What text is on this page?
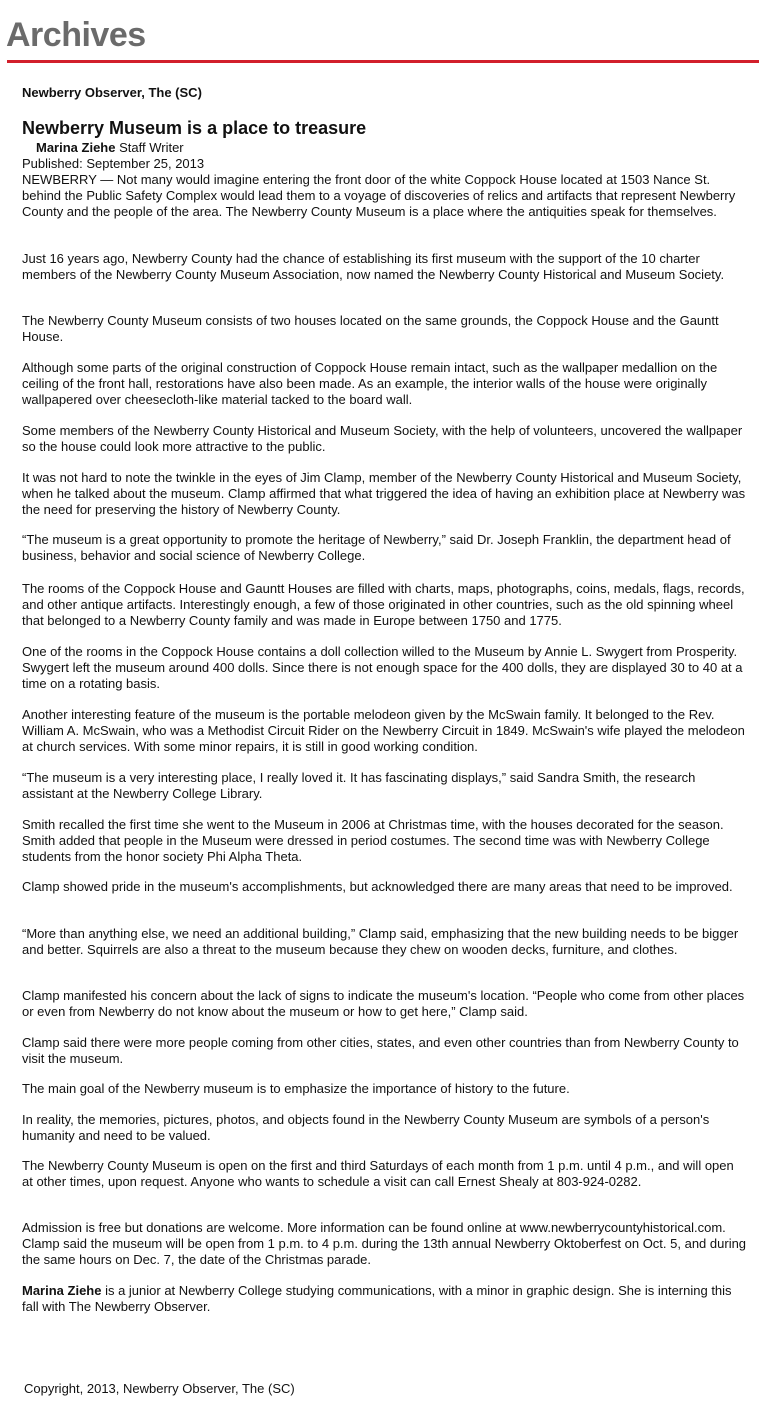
Archives
Newberry Observer, The (SC)
Newberry Museum is a place to treasure
Marina Ziehe Staff Writer
Published: September 25, 2013

NEWBERRY — Not many would imagine entering the front door of the white Coppock House located at 1503 Nance St. behind the Public Safety Complex would lead them to a voyage of discoveries of relics and artifacts that represent Newberry County and the people of the area. The Newberry County Museum is a place where the antiquities speak for themselves.

Just 16 years ago, Newberry County had the chance of establishing its first museum with the support of the 10 charter members of the Newberry County Museum Association, now named the Newberry County Historical and Museum Society.

The Newberry County Museum consists of two houses located on the same grounds, the Coppock House and the Gauntt House.

Although some parts of the original construction of Coppock House remain intact, such as the wallpaper medallion on the ceiling of the front hall, restorations have also been made. As an example, the interior walls of the house were originally wallpapered over cheesecloth-like material tacked to the board wall.

Some members of the Newberry County Historical and Museum Society, with the help of volunteers, uncovered the wallpaper so the house could look more attractive to the public.

It was not hard to note the twinkle in the eyes of Jim Clamp, member of the Newberry County Historical and Museum Society, when he talked about the museum. Clamp affirmed that what triggered the idea of having an exhibition place at Newberry was the need for preserving the history of Newberry County.

“The museum is a great opportunity to promote the heritage of Newberry,” said Dr. Joseph Franklin, the department head of business, behavior and social science of Newberry College.

The rooms of the Coppock House and Gauntt Houses are filled with charts, maps, photographs, coins, medals, flags, records, and other antique artifacts. Interestingly enough, a few of those originated in other countries, such as the old spinning wheel that belonged to a Newberry County family and was made in Europe between 1750 and 1775.

One of the rooms in the Coppock House contains a doll collection willed to the Museum by Annie L. Swygert from Prosperity. Swygert left the museum around 400 dolls. Since there is not enough space for the 400 dolls, they are displayed 30 to 40 at a time on a rotating basis.

Another interesting feature of the museum is the portable melodeon given by the McSwain family. It belonged to the Rev. William A. McSwain, who was a Methodist Circuit Rider on the Newberry Circuit in 1849. McSwain's wife played the melodeon at church services. With some minor repairs, it is still in good working condition.

“The museum is a very interesting place, I really loved it. It has fascinating displays,” said Sandra Smith, the research assistant at the Newberry College Library.

Smith recalled the first time she went to the Museum in 2006 at Christmas time, with the houses decorated for the season. Smith added that people in the Museum were dressed in period costumes. The second time was with Newberry College students from the honor society Phi Alpha Theta.

Clamp showed pride in the museum's accomplishments, but acknowledged there are many areas that need to be improved.

“More than anything else, we need an additional building,” Clamp said, emphasizing that the new building needs to be bigger and better. Squirrels are also a threat to the museum because they chew on wooden decks, furniture, and clothes.

Clamp manifested his concern about the lack of signs to indicate the museum's location. “People who come from other places or even from Newberry do not know about the museum or how to get here,” Clamp said.

Clamp said there were more people coming from other cities, states, and even other countries than from Newberry County to visit the museum.

The main goal of the Newberry museum is to emphasize the importance of history to the future.

In reality, the memories, pictures, photos, and objects found in the Newberry County Museum are symbols of a person's humanity and need to be valued.

The Newberry County Museum is open on the first and third Saturdays of each month from 1 p.m. until 4 p.m., and will open at other times, upon request. Anyone who wants to schedule a visit can call Ernest Shealy at 803-924-0282.

Admission is free but donations are welcome. More information can be found online at www.newberrycountyhistorical.com. Clamp said the museum will be open from 1 p.m. to 4 p.m. during the 13th annual Newberry Oktoberfest on Oct. 5, and during the same hours on Dec. 7, the date of the Christmas parade.

Marina Ziehe is a junior at Newberry College studying communications, with a minor in graphic design. She is interning this fall with The Newberry Observer.

Copyright, 2013, Newberry Observer, The (SC)
